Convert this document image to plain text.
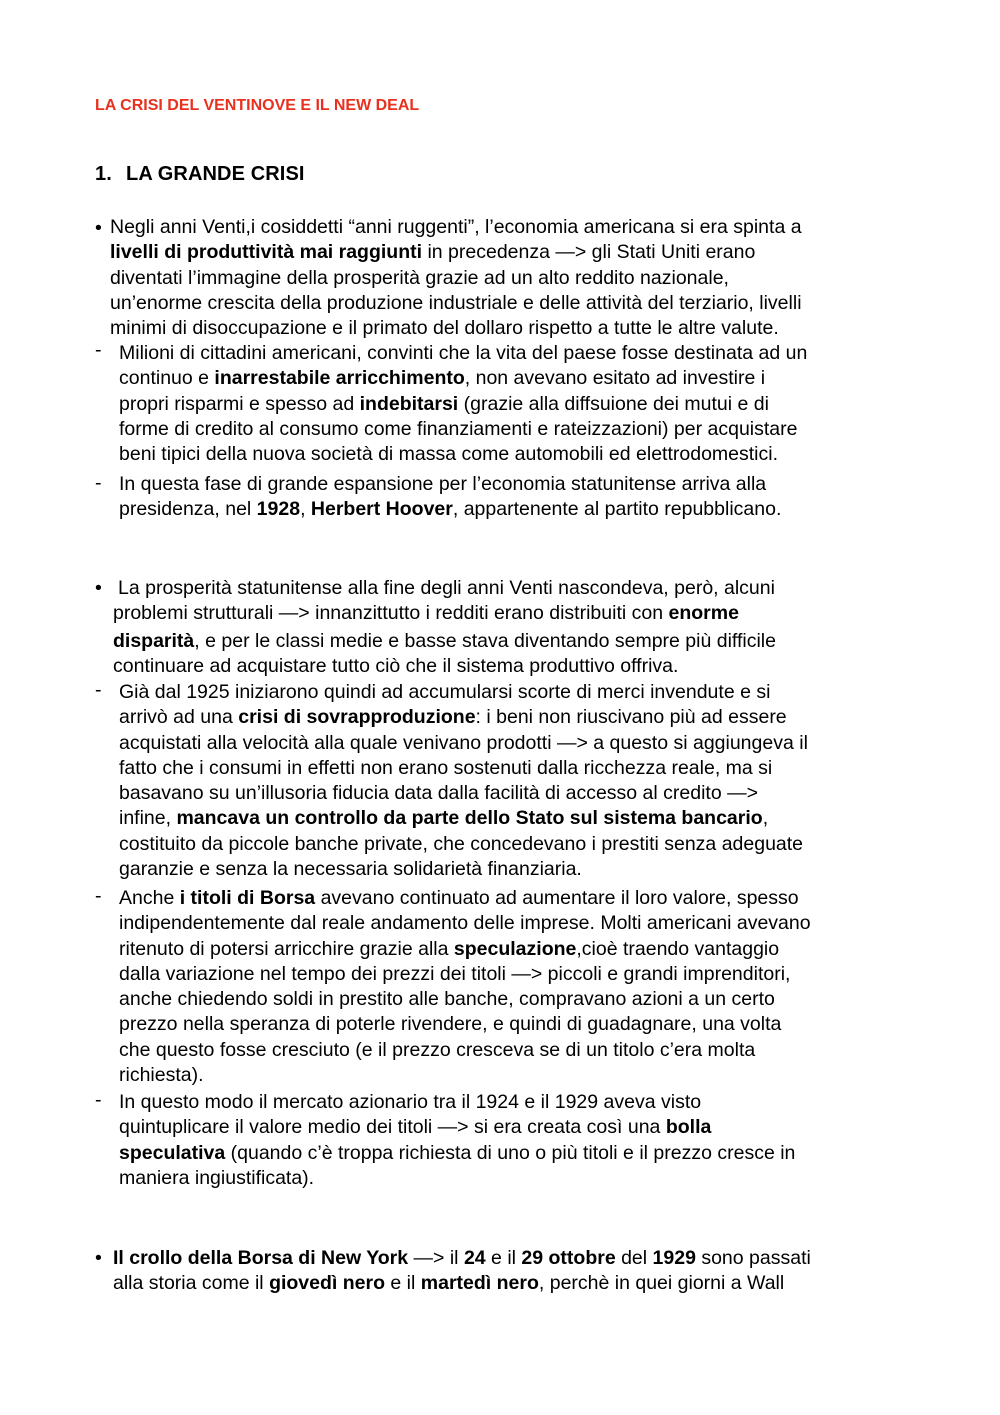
LA CRISI DEL VENTINOVE E IL NEW DEAL
1. LA GRANDE CRISI
• Negli anni Venti,i cosiddetti “anni ruggenti”, l’economia americana si era spinta a
livelli di produttività mai raggiunti in precedenza —> gli Stati Uniti erano
diventati l’immagine della prosperità grazie ad un alto reddito nazionale,
un’enorme crescita della produzione industriale e delle attività del terziario, livelli
minimi di disoccupazione e il primato del dollaro rispetto a tutte le altre valute.
- Milioni di cittadini americani, convinti che la vita del paese fosse destinata ad un
continuo e inarrestabile arricchimento, non avevano esitato ad investire i
propri risparmi e spesso ad indebitarsi (grazie alla diffsuione dei mutui e di
forme di credito al consumo come finanziamenti e rateizzazioni) per acquistare
beni tipici della nuova società di massa come automobili ed elettrodomestici.
- In questa fase di grande espansione per l’economia statunitense arriva alla
presidenza, nel 1928, Herbert Hoover, appartenente al partito repubblicano.
• La prosperità statunitense alla fine degli anni Venti nascondeva, però, alcuni
problemi strutturali —> innanzittutto i redditi erano distribuiti con enorme
disparità, e per le classi medie e basse stava diventando sempre più difficile
continuare ad acquistare tutto ciò che il sistema produttivo offriva.
- Già dal 1925 iniziarono quindi ad accumularsi scorte di merci invendute e si
arrivò ad una crisi di sovrapproduzione: i beni non riuscivano più ad essere
acquistati alla velocità alla quale venivano prodotti —> a questo si aggiungeva il
fatto che i consumi in effetti non erano sostenuti dalla ricchezza reale, ma si
basavano su un’illusoria fiducia data dalla facilità di accesso al credito —>
infine, mancava un controllo da parte dello Stato sul sistema bancario,
costituito da piccole banche private, che concedevano i prestiti senza adeguate
garanzie e senza la necessaria solidarietà finanziaria.
- Anche i titoli di Borsa avevano continuato ad aumentare il loro valore, spesso
indipendentemente dal reale andamento delle imprese. Molti americani avevano
ritenuto di potersi arricchire grazie alla speculazione,cioè traendo vantaggio
dalla variazione nel tempo dei prezzi dei titoli —> piccoli e grandi imprenditori,
anche chiedendo soldi in prestito alle banche, compravano azioni a un certo
prezzo nella speranza di poterle rivendere, e quindi di guadagnare, una volta
che questo fosse cresciuto (e il prezzo cresceva se di un titolo c’era molta
richiesta).
- In questo modo il mercato azionario tra il 1924 e il 1929 aveva visto
quintuplicare il valore medio dei titoli —> si era creata così una bolla
speculativa (quando c’è troppa richiesta di uno o più titoli e il prezzo cresce in
maniera ingiustificata).
• Il crollo della Borsa di New York —> il 24 e il 29 ottobre del 1929 sono passati
alla storia come il giovedì nero e il martedì nero, perchè in quei giorni a Wall
